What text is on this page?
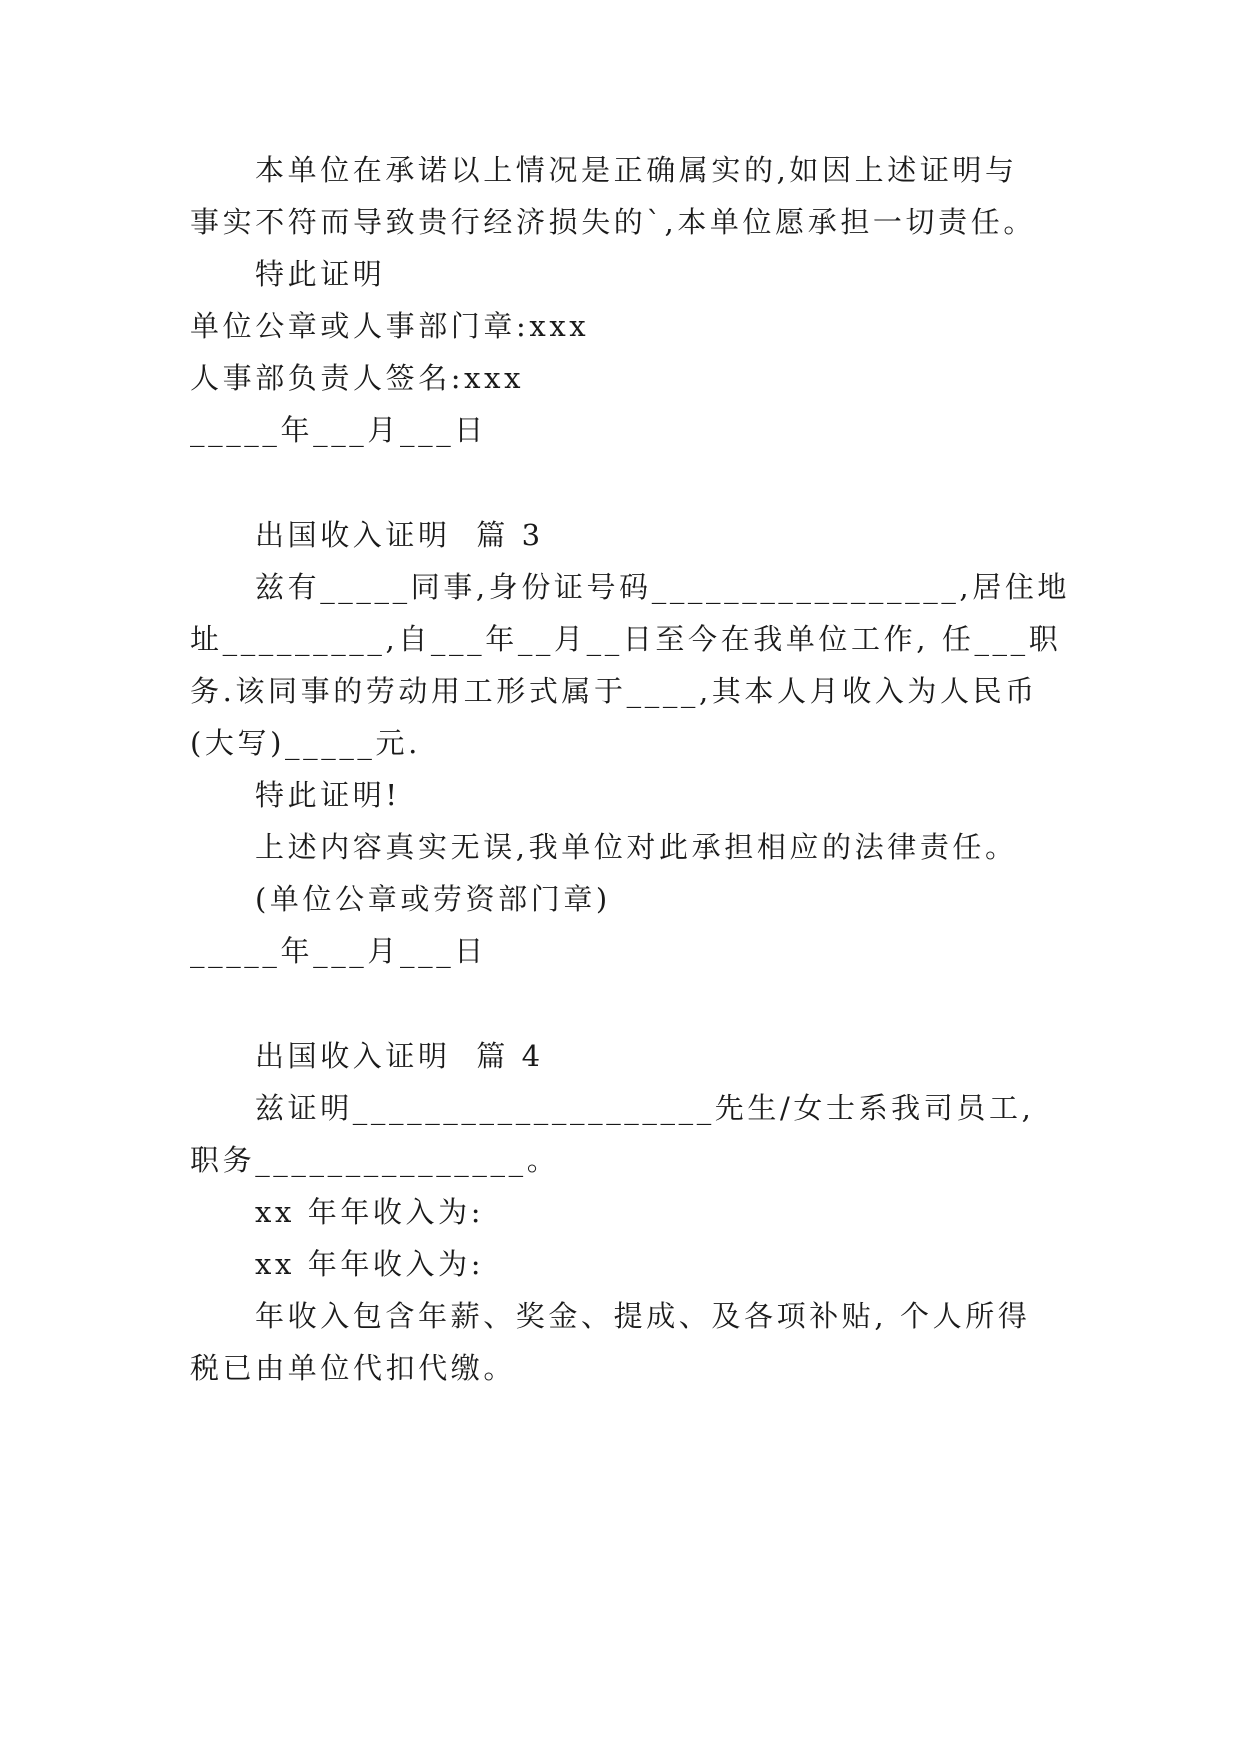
本单位在承诺以上情况是正确属实的,如因上述证明与
事实不符而导致贵行经济损失的`,本单位愿承担一切责任。
特此证明
单位公章或人事部门章:xxx
人事部负责人签名:xxx
_____年___月___日
出国收入证明  篇 3
兹有_____同事,身份证号码_________________,居住地
址_________,自___年__月__日至今在我单位工作, 任___职
务.该同事的劳动用工形式属于____,其本人月收入为人民币
(大写)_____元.
特此证明!
上述内容真实无误,我单位对此承担相应的法律责任。
(单位公章或劳资部门章)
_____年___月___日
出国收入证明  篇 4
兹证明____________________先生/女士系我司员工,
职务_______________。
xx 年年收入为:
xx 年年收入为:
年收入包含年薪、奖金、提成、及各项补贴, 个人所得
税已由单位代扣代缴。
